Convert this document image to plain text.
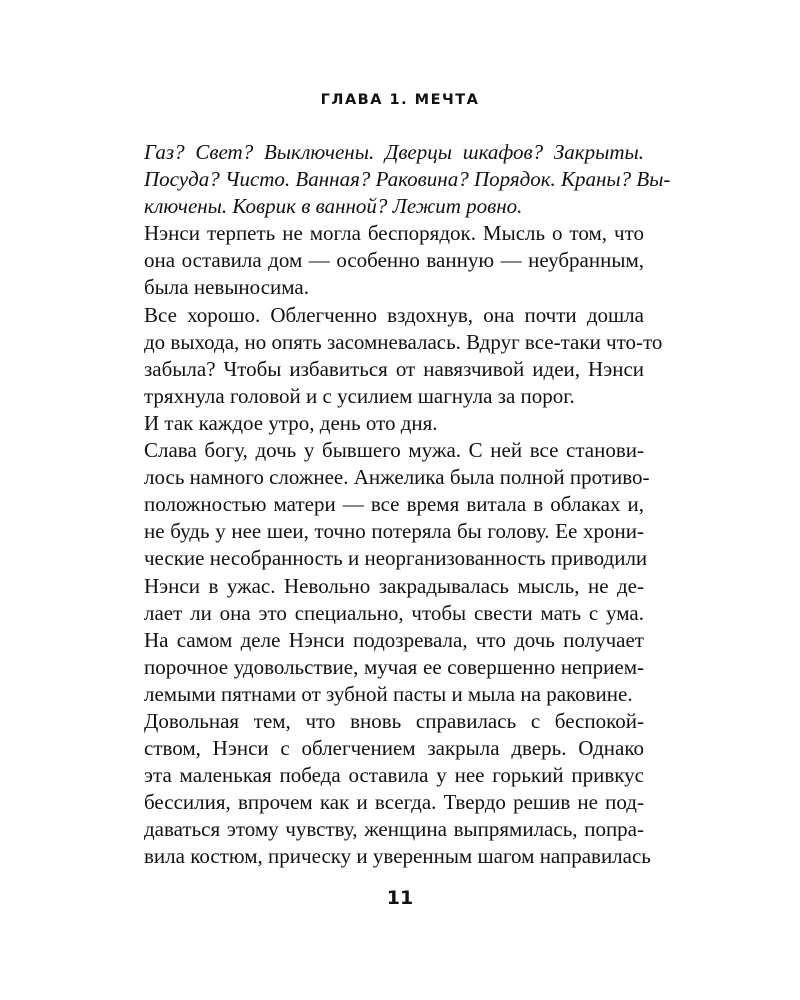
ГЛАВА 1. МЕЧТА
Газ? Свет? Выключены. Дверцы шкафов? Закрыты.
Посуда? Чисто. Ванная? Раковина? Порядок. Краны? Вы-
ключены. Коврик в ванной? Лежит ровно.
Нэнси терпеть не могла беспорядок. Мысль о том, что
она оставила дом — особенно ванную — неубранным,
была невыносима.
Все хорошо. Облегченно вздохнув, она почти дошла
до выхода, но опять засомневалась. Вдруг все-таки что-то
забыла? Чтобы избавиться от навязчивой идеи, Нэнси
тряхнула головой и с усилием шагнула за порог.
И так каждое утро, день ото дня.
Слава богу, дочь у бывшего мужа. С ней все станови-
лось намного сложнее. Анжелика была полной противо-
положностью матери — все время витала в облаках и,
не будь у нее шеи, точно потеряла бы голову. Ее хрони-
ческие несобранность и неорганизованность приводили
Нэнси в ужас. Невольно закрадывалась мысль, не де-
лает ли она это специально, чтобы свести мать с ума.
На самом деле Нэнси подозревала, что дочь получает
порочное удовольствие, мучая ее совершенно неприем-
лемыми пятнами от зубной пасты и мыла на раковине.
Довольная тем, что вновь справилась с беспокой-
ством, Нэнси с облегчением закрыла дверь. Однако
эта маленькая победа оставила у нее горький привкус
бессилия, впрочем как и всегда. Твердо решив не под-
даваться этому чувству, женщина выпрямилась, попра-
вила костюм, прическу и уверенным шагом направилась
11
